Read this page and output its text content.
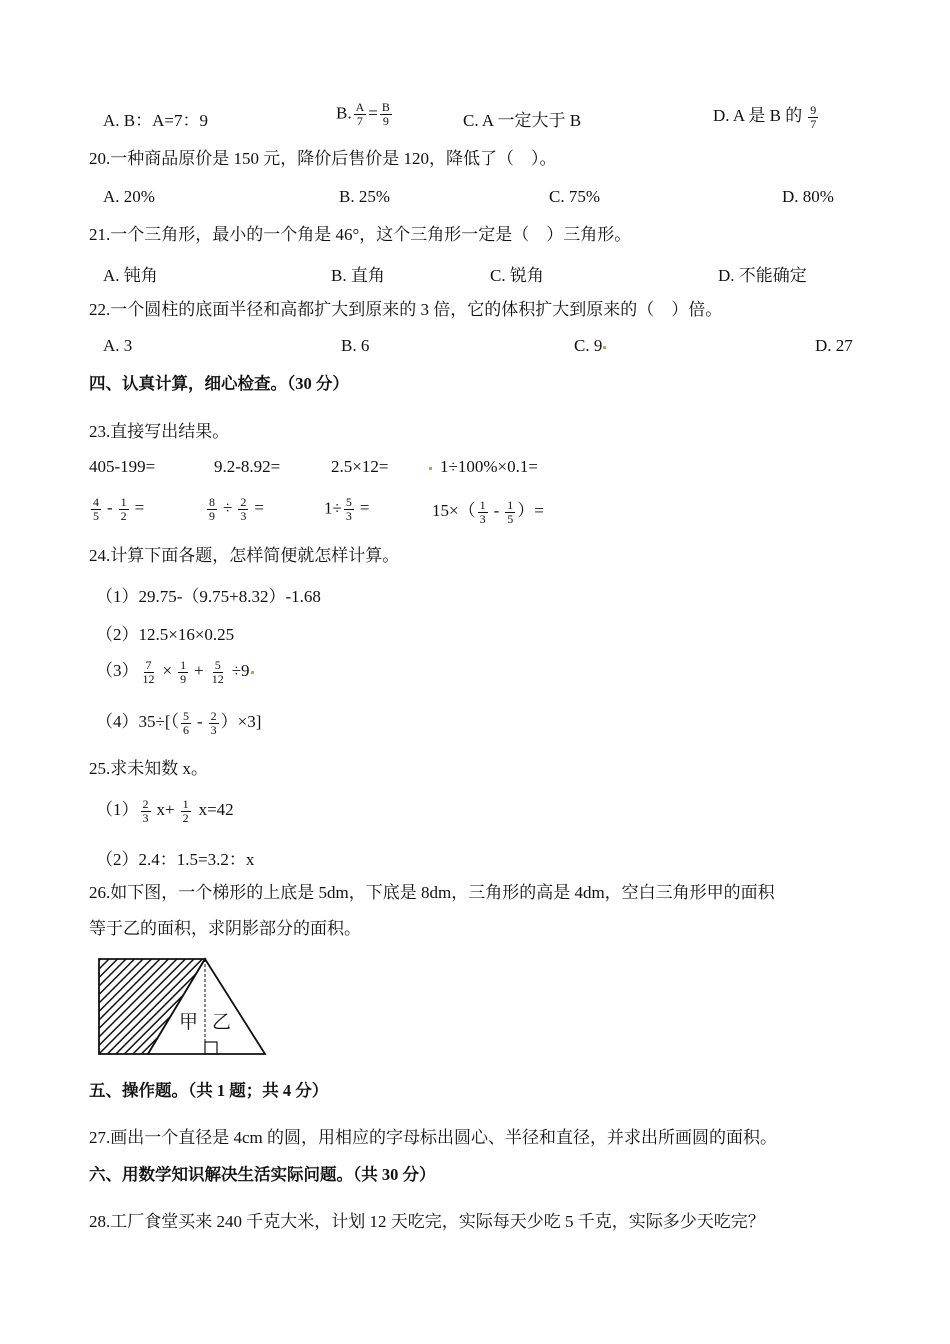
A. B：A=7：9	B. $\frac{A}{7} = \frac{B}{9}$	C. A 一定大于 B	D. A 是 B 的 $\frac{9}{7}$
20.一种商品原价是 150 元，降价后售价是 120，降低了（　）。
A. 20%	B. 25%	C. 75%	D. 80%
21.一个三角形，最小的一个角是 46°，这个三角形一定是（　）三角形。
A. 钝角	B. 直角	C. 锐角	D. 不能确定
22.一个圆柱的底面半径和高都扩大到原来的 3 倍，它的体积扩大到原来的（　）倍。
A. 3	B. 6	C. 9	D. 27
四、认真计算，细心检查。（30 分）
23.直接写出结果。
405-199=	9.2-8.92=	2.5×12=	1÷100%×0.1=
$\frac{4}{5} - \frac{1}{2}$ =	$\frac{8}{9} \div \frac{2}{3}$ =	$1\div \frac{5}{3}$ =	$15\times( \frac{1}{3} - \frac{1}{5}$ ）=
24.计算下面各题，怎样简便就怎样计算。
（1）29.75-（9.75+8.32）-1.68
（2）12.5×16×0.25
$(3) \frac{7}{12} \times \frac{1}{9} + \frac{5}{12} \div 9$
$(4)35\div[( \frac{5}{6} - \frac{2}{3} )\times 3]$
25.求未知数 x。
$(1) \frac{2}{3} x+ \frac{1}{2} x=42$
（2）2.4：1.5=3.2：x
26.如下图，一个梯形的上底是 5dm，下底是 8dm，三角形的高是 4dm，空白三角形甲的面积
等于乙的面积，求阴影部分的面积。
甲 乙
五、操作题。（共 1 题；共 4 分）
27.画出一个直径是 4cm 的圆，用相应的字母标出圆心、半径和直径，并求出所画圆的面积。
六、用数学知识解决生活实际问题。（共 30 分）
28.工厂食堂买来 240 千克大米，计划 12 天吃完，实际每天少吃 5 千克，实际多少天吃完？
